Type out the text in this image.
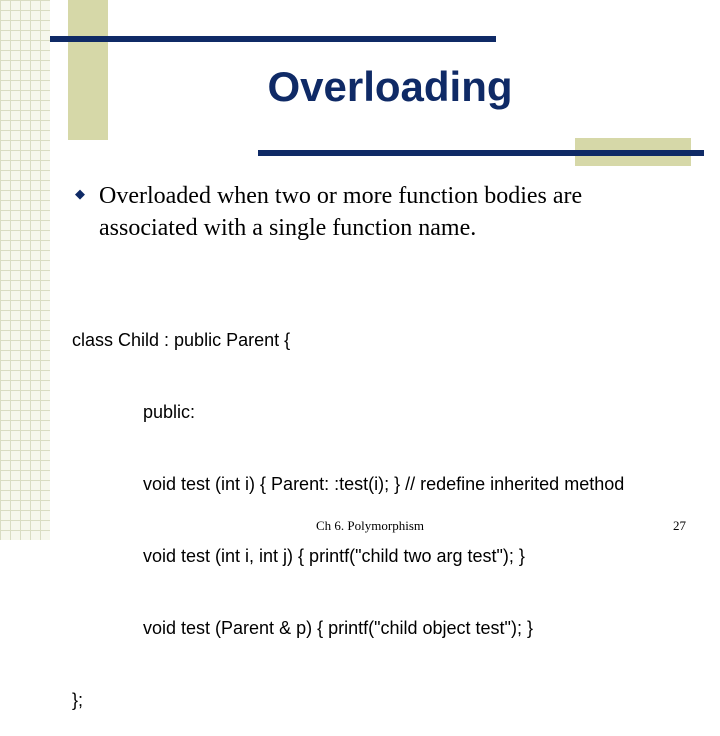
Overloading
◆ Overloaded when two or more function bodies are
associated with a single function name.

class Child : public Parent {

public:

void test (int i) { Parent: :test(i); } // redefine inherited method

void test (int i, int j) { printf("child two arg test"); }

void test (Parent & p) { printf("child object test"); }

};

Ch 6. Polymorphism	27
